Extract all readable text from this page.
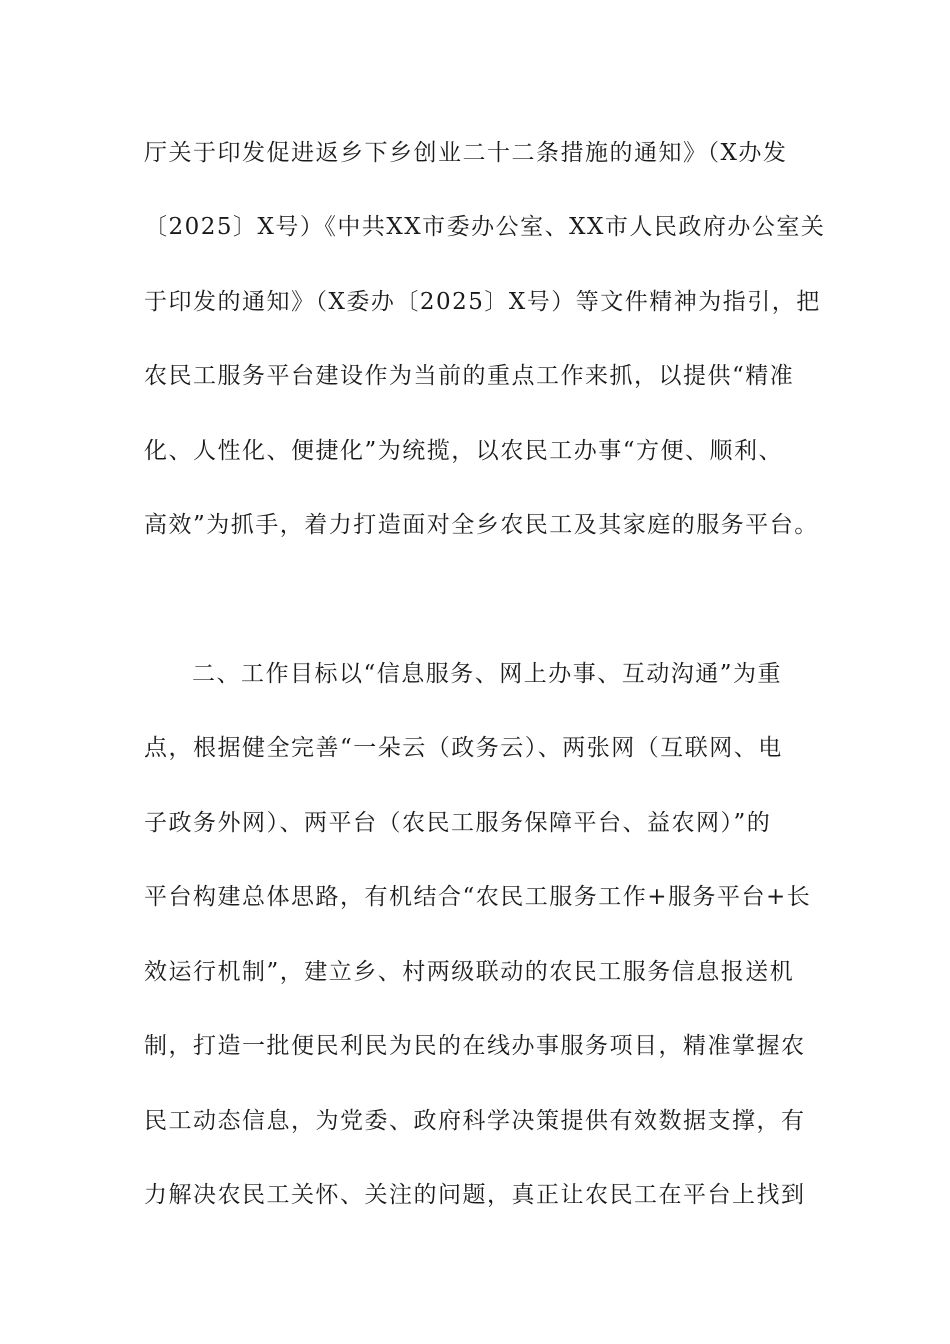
厅关于印发促进返乡下乡创业二十二条措施的通知》（X办发
〔2025〕X号）《中共XX市委办公室、XX市人民政府办公室关
于印发的通知》（X委办〔2025〕X号）等文件精神为指引，把
农民工服务平台建设作为当前的重点工作来抓，以提供“精准
化、人性化、便捷化”为统揽，以农民工办事“方便、顺利、
高效”为抓手，着力打造面对全乡农民工及其家庭的服务平台。
二、工作目标以“信息服务、网上办事、互动沟通”为重
点，根据健全完善“一朵云（政务云）、两张网（互联网、电
子政务外网）、两平台（农民工服务保障平台、益农网）”的
平台构建总体思路，有机结合“农民工服务工作+服务平台+长
效运行机制”，建立乡、村两级联动的农民工服务信息报送机
制，打造一批便民利民为民的在线办事服务项目，精准掌握农
民工动态信息，为党委、政府科学决策提供有效数据支撑，有
力解决农民工关怀、关注的问题，真正让农民工在平台上找到
